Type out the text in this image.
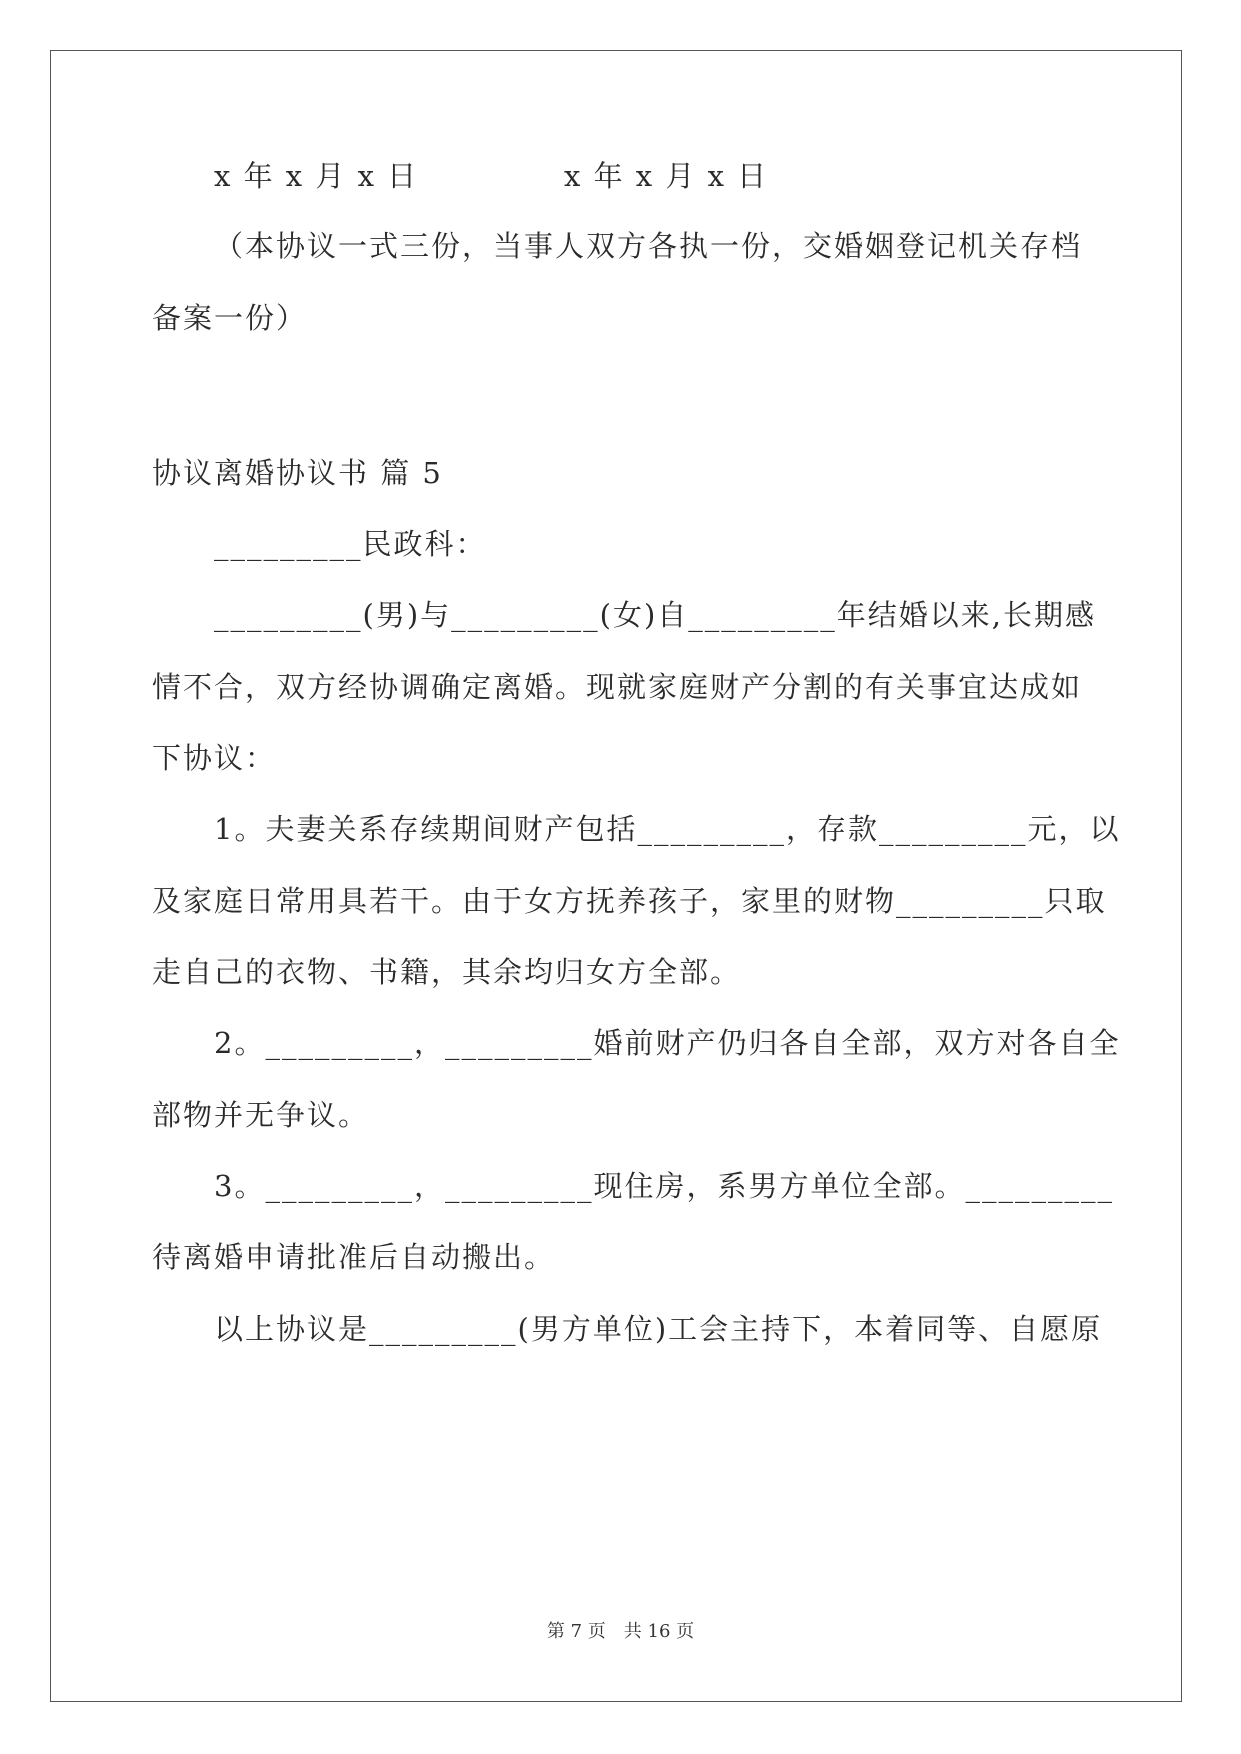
x 年 x 月 x 日	x 年 x 月 x 日
（本协议一式三份，当事人双方各执一份，交婚姻登记机关存档
备案一份）
协议离婚协议书 篇 5
_________民政科：
_________(男)与_________(女)自_________年结婚以来,长期感
情不合，双方经协调确定离婚。现就家庭财产分割的有关事宜达成如
下协议：
1。夫妻关系存续期间财产包括_________，存款_________元，以
及家庭日常用具若干。由于女方抚养孩子，家里的财物_________只取
走自己的衣物、书籍，其余均归女方全部。
2。_________，_________婚前财产仍归各自全部，双方对各自全
部物并无争议。
3。_________，_________现住房，系男方单位全部。_________
待离婚申请批准后自动搬出。
以上协议是_________(男方单位)工会主持下，本着同等、自愿原
第 7 页　共 16 页
